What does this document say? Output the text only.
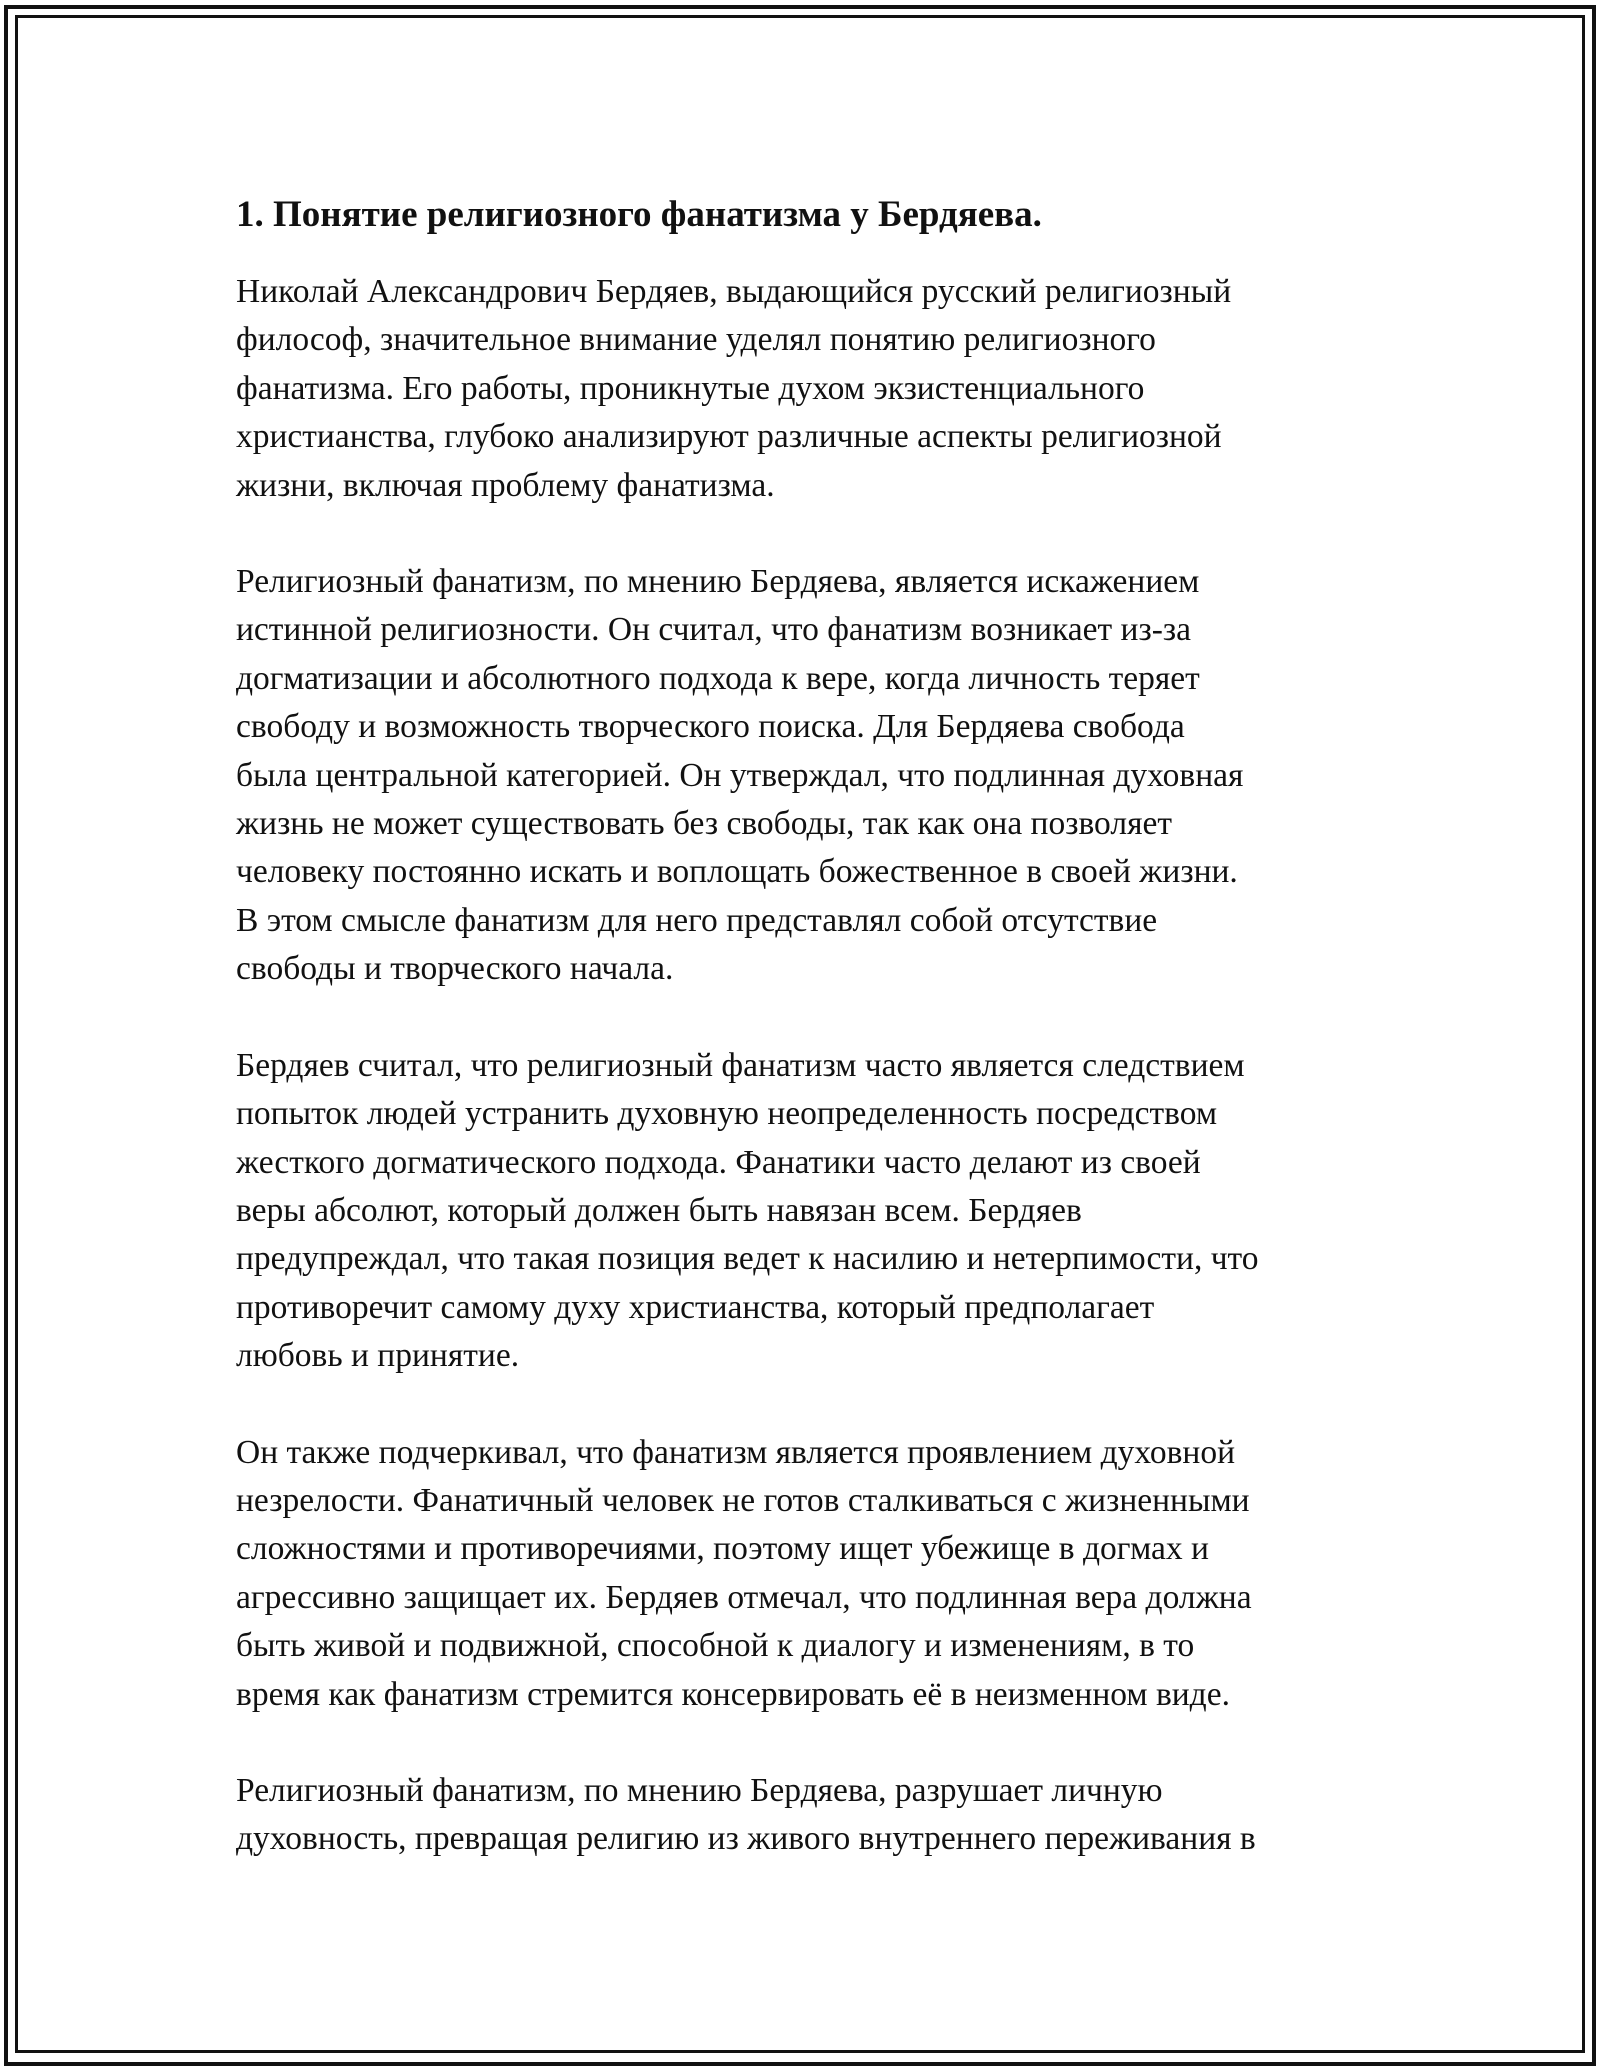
1. Понятие религиозного фанатизма у Бердяева.
Николай Александрович Бердяев, выдающийся русский религиозный
философ, значительное внимание уделял понятию религиозного
фанатизма. Его работы, проникнутые духом экзистенциального
христианства, глубоко анализируют различные аспекты религиозной
жизни, включая проблему фанатизма.
Религиозный фанатизм, по мнению Бердяева, является искажением
истинной религиозности. Он считал, что фанатизм возникает из-за
догматизации и абсолютного подхода к вере, когда личность теряет
свободу и возможность творческого поиска. Для Бердяева свобода
была центральной категорией. Он утверждал, что подлинная духовная
жизнь не может существовать без свободы, так как она позволяет
человеку постоянно искать и воплощать божественное в своей жизни.
В этом смысле фанатизм для него представлял собой отсутствие
свободы и творческого начала.
Бердяев считал, что религиозный фанатизм часто является следствием
попыток людей устранить духовную неопределенность посредством
жесткого догматического подхода. Фанатики часто делают из своей
веры абсолют, который должен быть навязан всем. Бердяев
предупреждал, что такая позиция ведет к насилию и нетерпимости, что
противоречит самому духу христианства, который предполагает
любовь и принятие.
Он также подчеркивал, что фанатизм является проявлением духовной
незрелости. Фанатичный человек не готов сталкиваться с жизненными
сложностями и противоречиями, поэтому ищет убежище в догмах и
агрессивно защищает их. Бердяев отмечал, что подлинная вера должна
быть живой и подвижной, способной к диалогу и изменениям, в то
время как фанатизм стремится консервировать её в неизменном виде.
Религиозный фанатизм, по мнению Бердяева, разрушает личную
духовность, превращая религию из живого внутреннего переживания в
